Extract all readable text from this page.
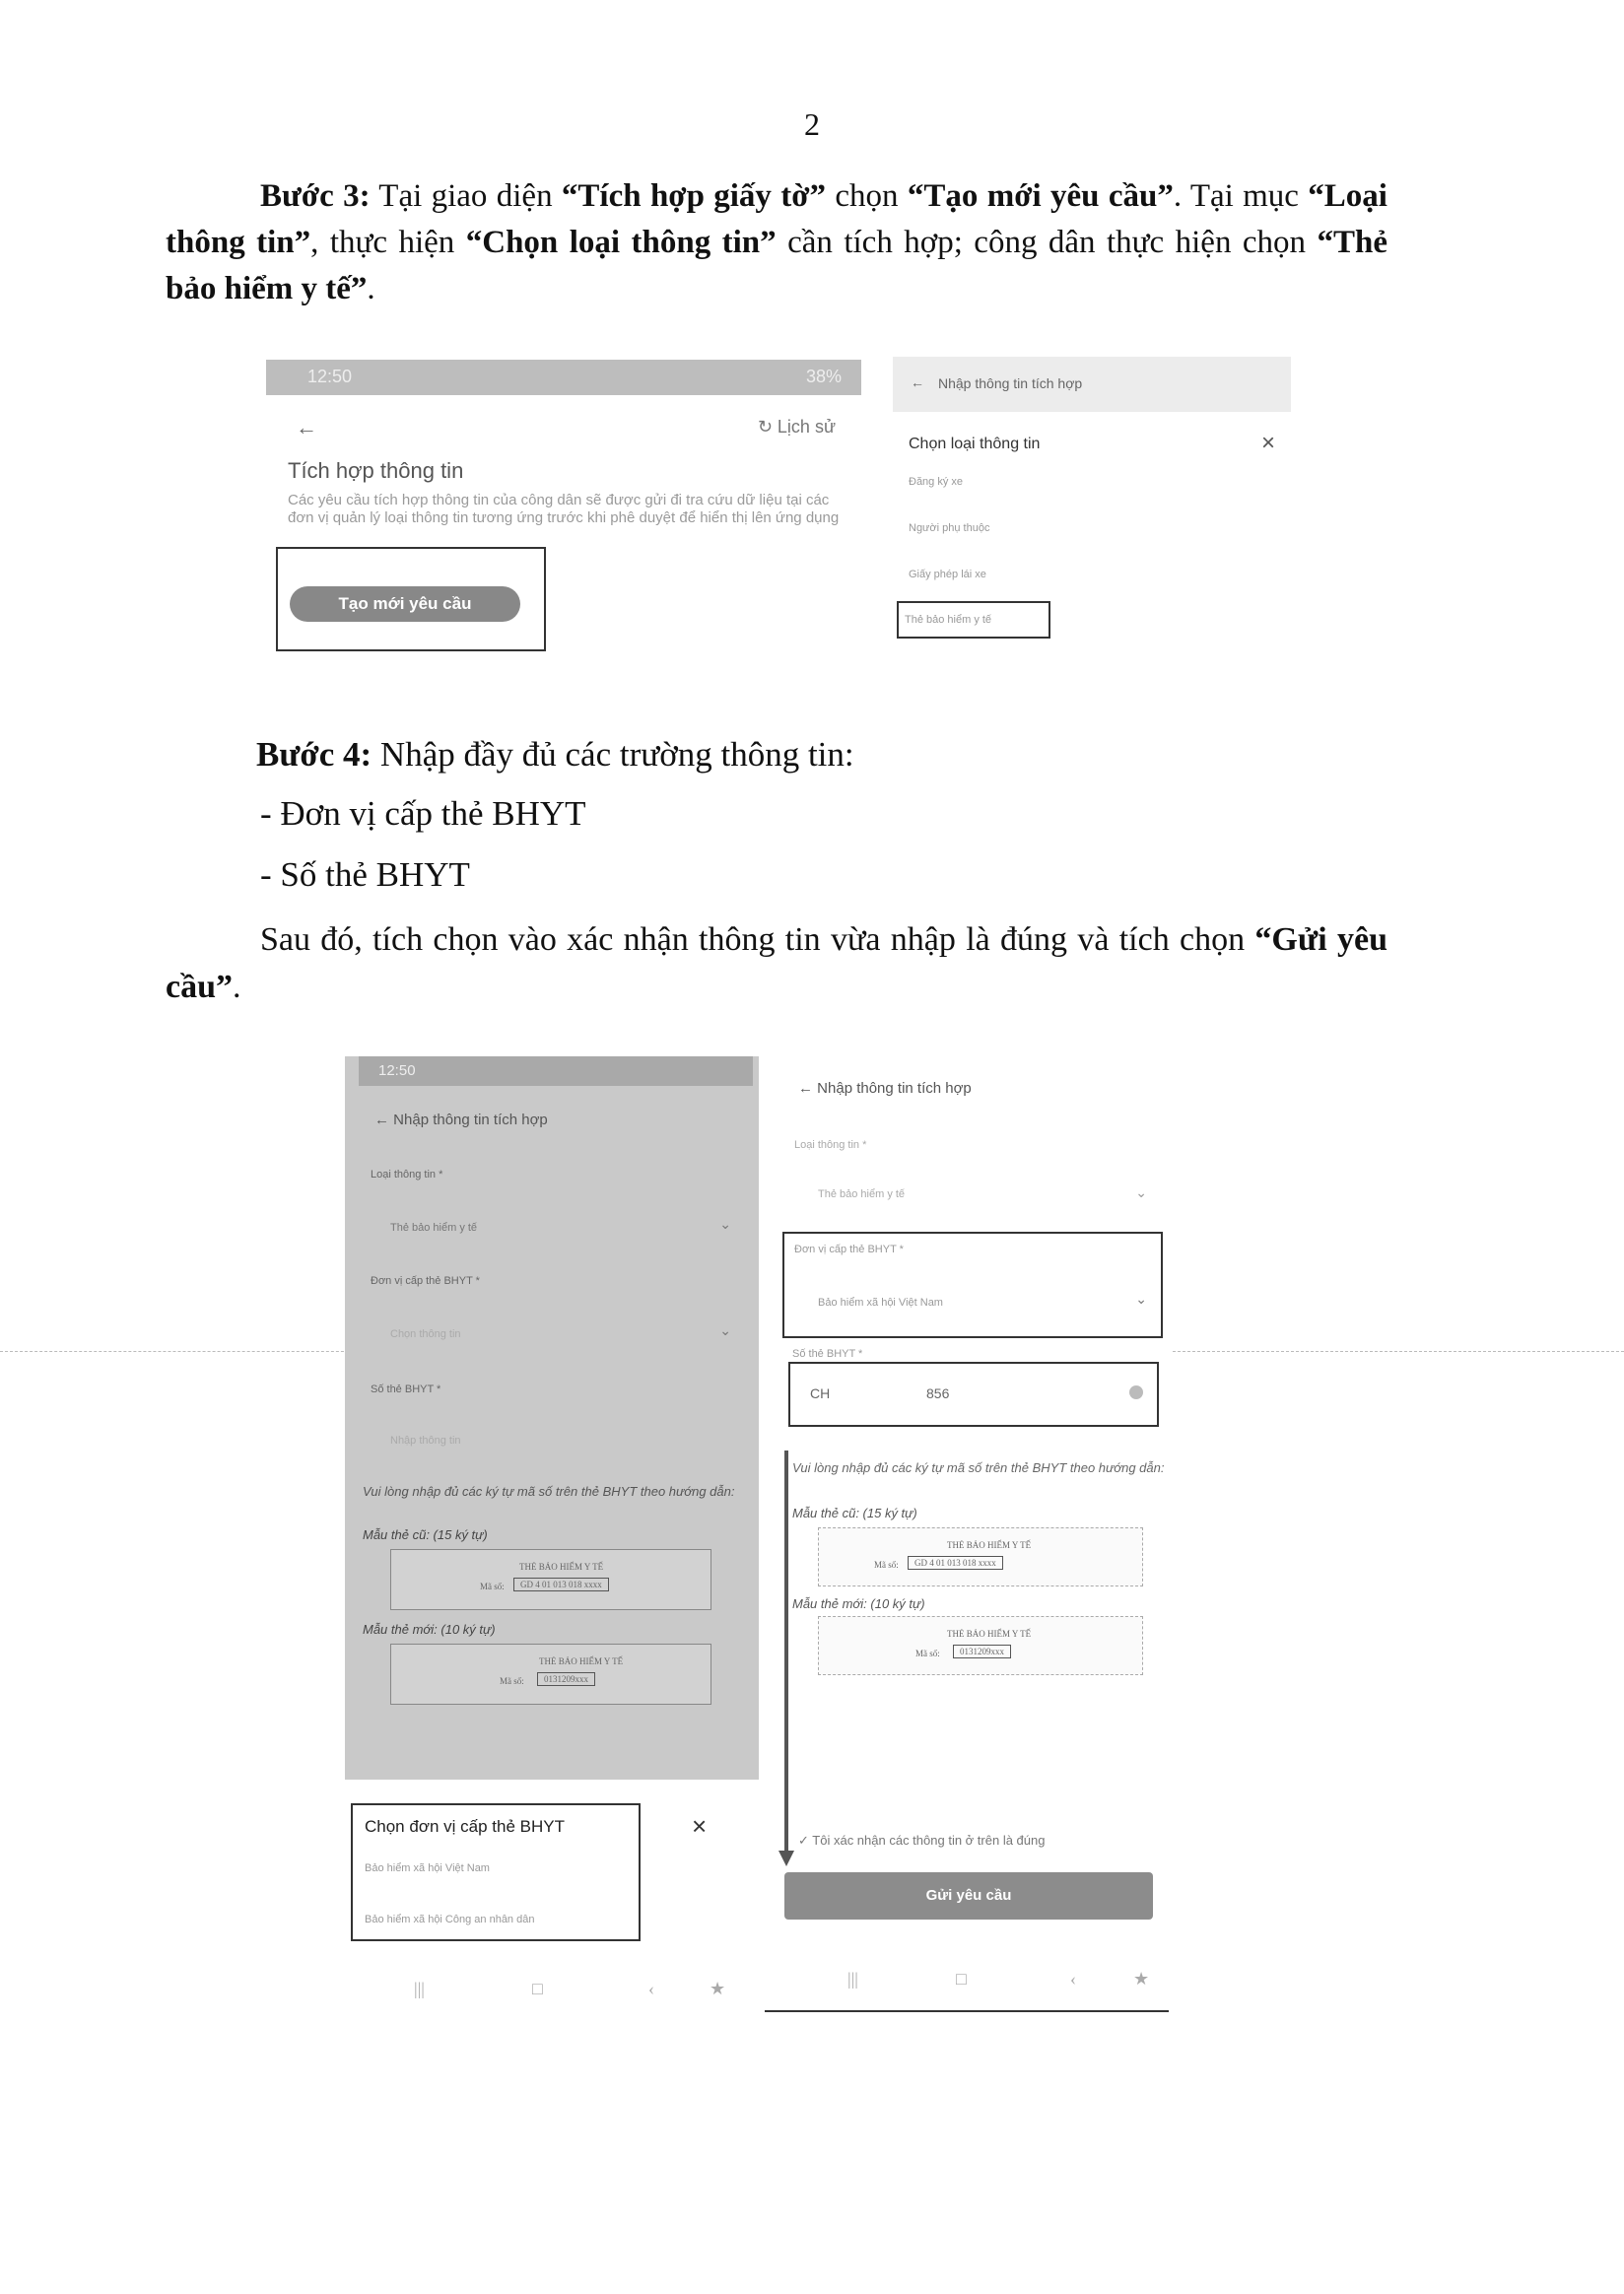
2
Bước 3: Tại giao diện “Tích hợp giấy tờ” chọn “Tạo mới yêu cầu”. Tại mục “Loại thông tin”, thực hiện “Chọn loại thông tin” cần tích hợp; công dân thực hiện chọn “Thẻ bảo hiểm y tế”.
12:50	38%
←	↻ Lịch sử
Tích hợp thông tin
Các yêu cầu tích hợp thông tin của công dân sẽ được gửi đi tra cứu dữ liệu tại các đơn vị quản lý loại thông tin tương ứng trước khi phê duyệt để hiển thị lên ứng dụng
Tạo mới yêu cầu
← Nhập thông tin tích hợp
Chọn loại thông tin	×
Đăng ký xe
Người phụ thuộc
Giấy phép lái xe
Thẻ bảo hiểm y tế
Bước 4: Nhập đầy đủ các trường thông tin:
- Đơn vị cấp thẻ BHYT
- Số thẻ BHYT
Sau đó, tích chọn vào xác nhận thông tin vừa nhập là đúng và tích chọn “Gửi yêu cầu”.
12:50
← Nhập thông tin tích hợp
Loại thông tin *
Thẻ bảo hiểm y tế	⌄
Đơn vị cấp thẻ BHYT *
Chọn thông tin	⌄
Số thẻ BHYT *
Nhập thông tin
Vui lòng nhập đủ các ký tự mã số trên thẻ BHYT theo hướng dẫn:
Mẫu thẻ cũ: (15 ký tự)
THẺ BẢO HIỂM Y TẾ
Mã số:	GD 4 01 013 018 xxxx
Mẫu thẻ mới: (10 ký tự)
THẺ BẢO HIỂM Y TẾ
Mã số:	0131209xxx
Chọn đơn vị cấp thẻ BHYT	×
Bảo hiểm xã hội Việt Nam
Bảo hiểm xã hội Công an nhân dân
|||	□	‹	★
← Nhập thông tin tích hợp
Loại thông tin *
Thẻ bảo hiểm y tế	⌄
Đơn vị cấp thẻ BHYT *
Bảo hiểm xã hội Việt Nam	⌄
Số thẻ BHYT *
CH	856
Vui lòng nhập đủ các ký tự mã số trên thẻ BHYT theo hướng dẫn:
Mẫu thẻ cũ: (15 ký tự)
THẺ BẢO HIỂM Y TẾ
Mã số:	GD 4 01 013 018 xxxx
Mẫu thẻ mới: (10 ký tự)
THẺ BẢO HIỂM Y TẾ
Mã số:	0131209xxx
✓ Tôi xác nhận các thông tin ở trên là đúng
Gửi yêu cầu
|||	□	‹	★
